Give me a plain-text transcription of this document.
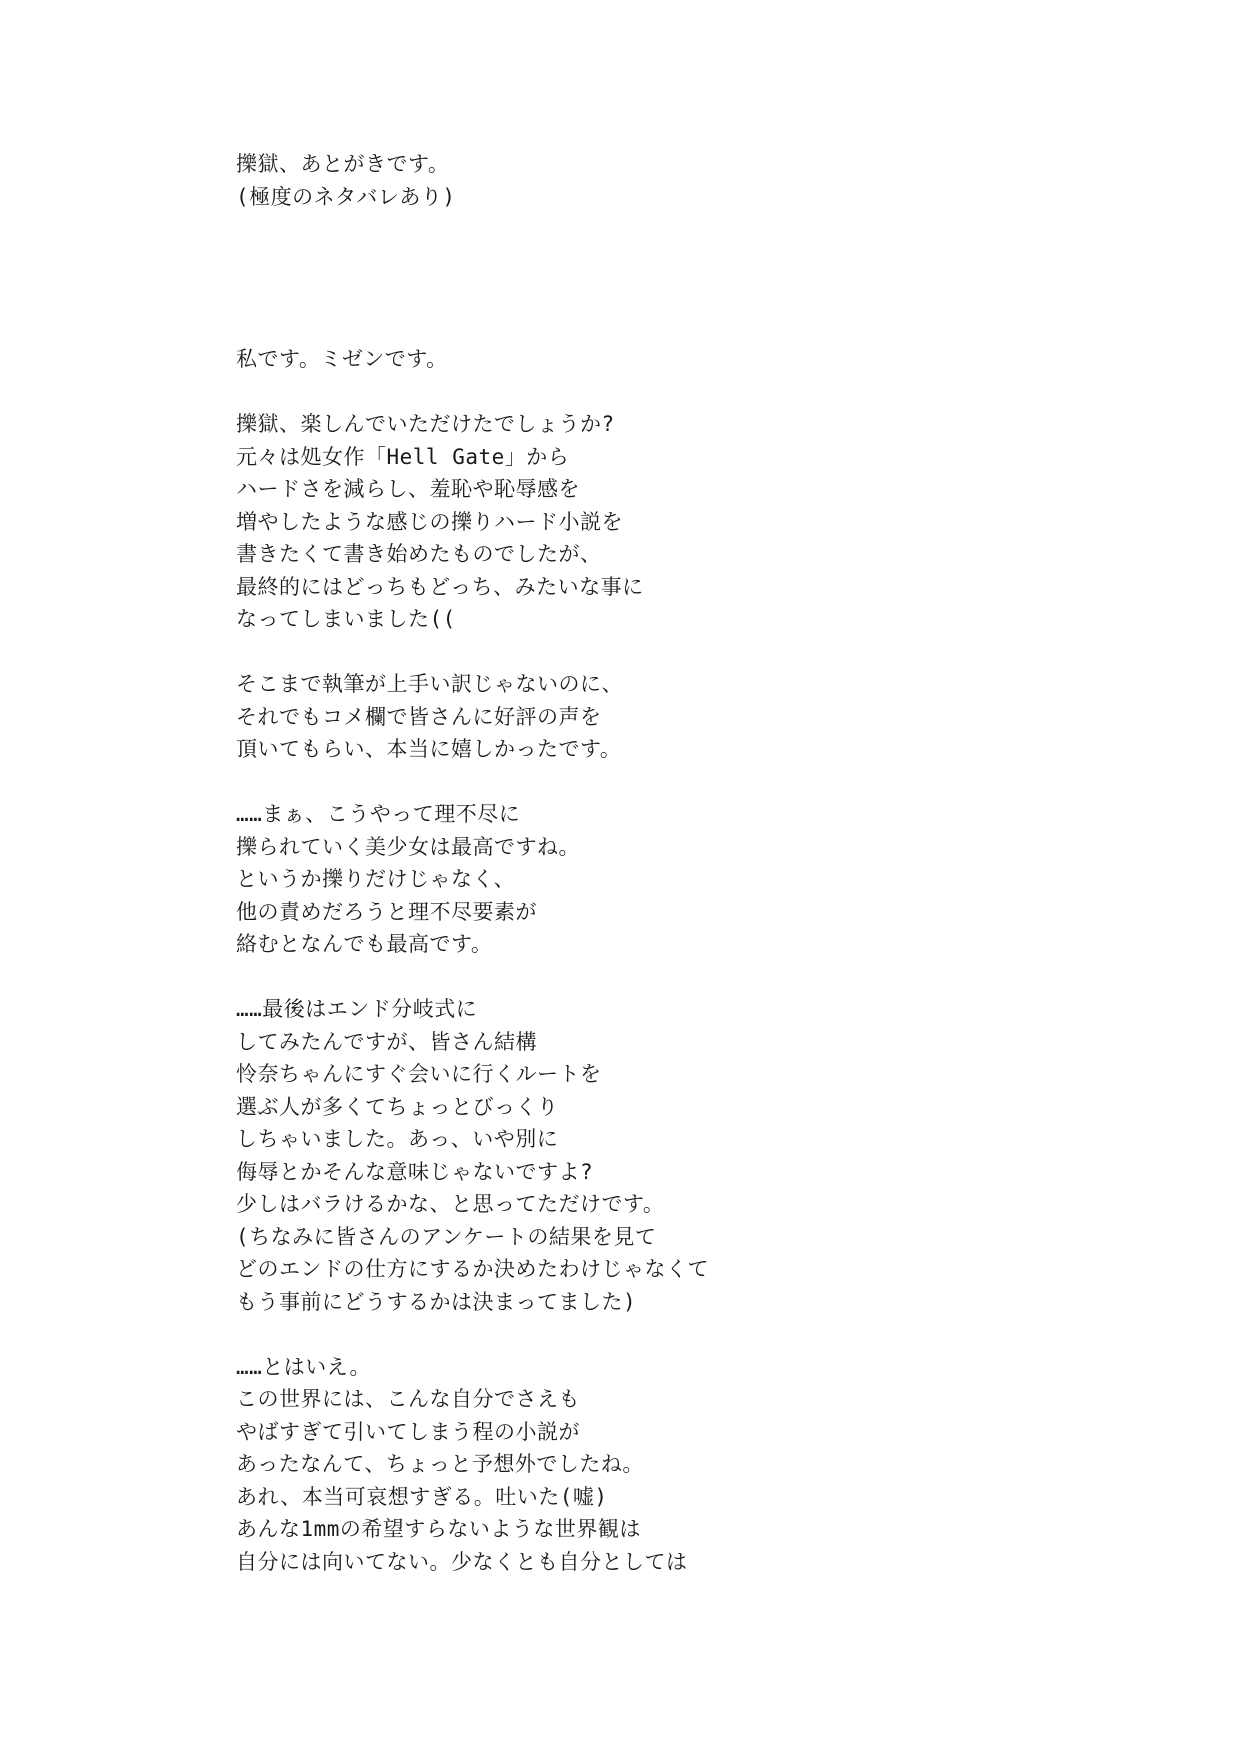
擽獄、あとがきです。
(極度のネタバレあり)
私です。ミゼンです。
擽獄、楽しんでいただけたでしょうか?
元々は処女作「Hell Gate」から
ハードさを減らし、羞恥や恥辱感を
増やしたような感じの擽りハード小説を
書きたくて書き始めたものでしたが、
最終的にはどっちもどっち、みたいな事に
なってしまいました((
そこまで執筆が上手い訳じゃないのに、
それでもコメ欄で皆さんに好評の声を
頂いてもらい、本当に嬉しかったです。
……まぁ、こうやって理不尽に
擽られていく美少女は最高ですね。
というか擽りだけじゃなく、
他の責めだろうと理不尽要素が
絡むとなんでも最高です。
……最後はエンド分岐式に
してみたんですが、皆さん結構
怜奈ちゃんにすぐ会いに行くルートを
選ぶ人が多くてちょっとびっくり
しちゃいました。あっ、いや別に
侮辱とかそんな意味じゃないですよ?
少しはバラけるかな、と思ってただけです。
(ちなみに皆さんのアンケートの結果を見て
どのエンドの仕方にするか決めたわけじゃなくて
もう事前にどうするかは決まってました)
……とはいえ。
この世界には、こんな自分でさえも
やばすぎて引いてしまう程の小説が
あったなんて、ちょっと予想外でしたね。
あれ、本当可哀想すぎる。吐いた(嘘)
あんな1mmの希望すらないような世界観は
自分には向いてない。少なくとも自分としては
